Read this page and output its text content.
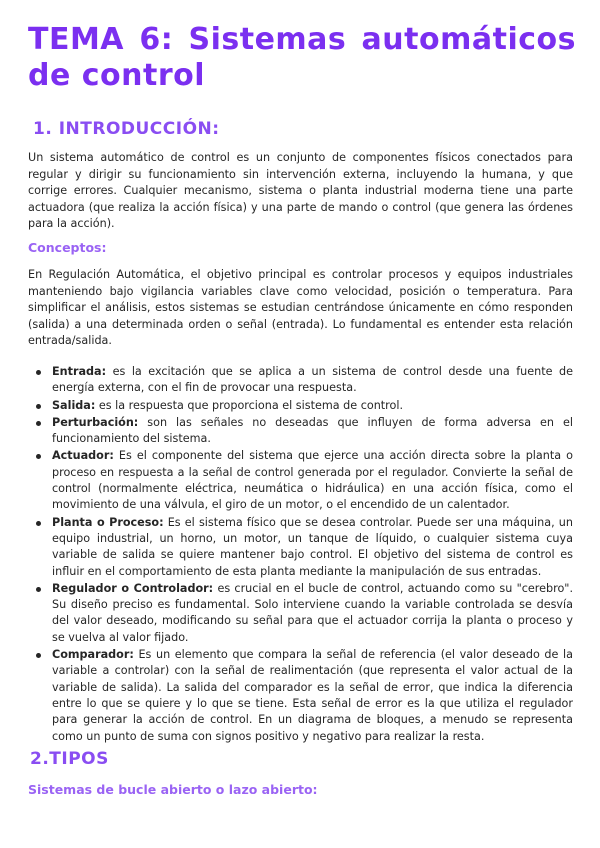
TEMA 6: Sistemas automáticos de control
1. INTRODUCCIÓN:

Un sistema automático de control es un conjunto de componentes físicos conectados para regular y dirigir su funcionamiento sin intervención externa, incluyendo la humana, y que corrige errores. Cualquier mecanismo, sistema o planta industrial moderna tiene una parte actuadora (que realiza la acción física) y una parte de mando o control (que genera las órdenes para la acción).

Conceptos:

En Regulación Automática, el objetivo principal es controlar procesos y equipos industriales manteniendo bajo vigilancia variables clave como velocidad, posición o temperatura. Para simplificar el análisis, estos sistemas se estudian centrándose únicamente en cómo responden (salida) a una determinada orden o señal (entrada). Lo fundamental es entender esta relación entrada/salida.

Entrada: es la excitación que se aplica a un sistema de control desde una fuente de energía externa, con el fin de provocar una respuesta.
Salida: es la respuesta que proporciona el sistema de control.
Perturbación: son las señales no deseadas que influyen de forma adversa en el funcionamiento del sistema.
Actuador: Es el componente del sistema que ejerce una acción directa sobre la planta o proceso en respuesta a la señal de control generada por el regulador. Convierte la señal de control (normalmente eléctrica, neumática o hidráulica) en una acción física, como el movimiento de una válvula, el giro de un motor, o el encendido de un calentador.
Planta o Proceso: Es el sistema físico que se desea controlar. Puede ser una máquina, un equipo industrial, un horno, un motor, un tanque de líquido, o cualquier sistema cuya variable de salida se quiere mantener bajo control. El objetivo del sistema de control es influir en el comportamiento de esta planta mediante la manipulación de sus entradas.
Regulador o Controlador: es crucial en el bucle de control, actuando como su "cerebro". Su diseño preciso es fundamental. Solo interviene cuando la variable controlada se desvía del valor deseado, modificando su señal para que el actuador corrija la planta o proceso y se vuelva al valor fijado.
Comparador: Es un elemento que compara la señal de referencia (el valor deseado de la variable a controlar) con la señal de realimentación (que representa el valor actual de la variable de salida). La salida del comparador es la señal de error, que indica la diferencia entre lo que se quiere y lo que se tiene. Esta señal de error es la que utiliza el regulador para generar la acción de control. En un diagrama de bloques, a menudo se representa como un punto de suma con signos positivo y negativo para realizar la resta.
2.TIPOS
Sistemas de bucle abierto o lazo abierto:
